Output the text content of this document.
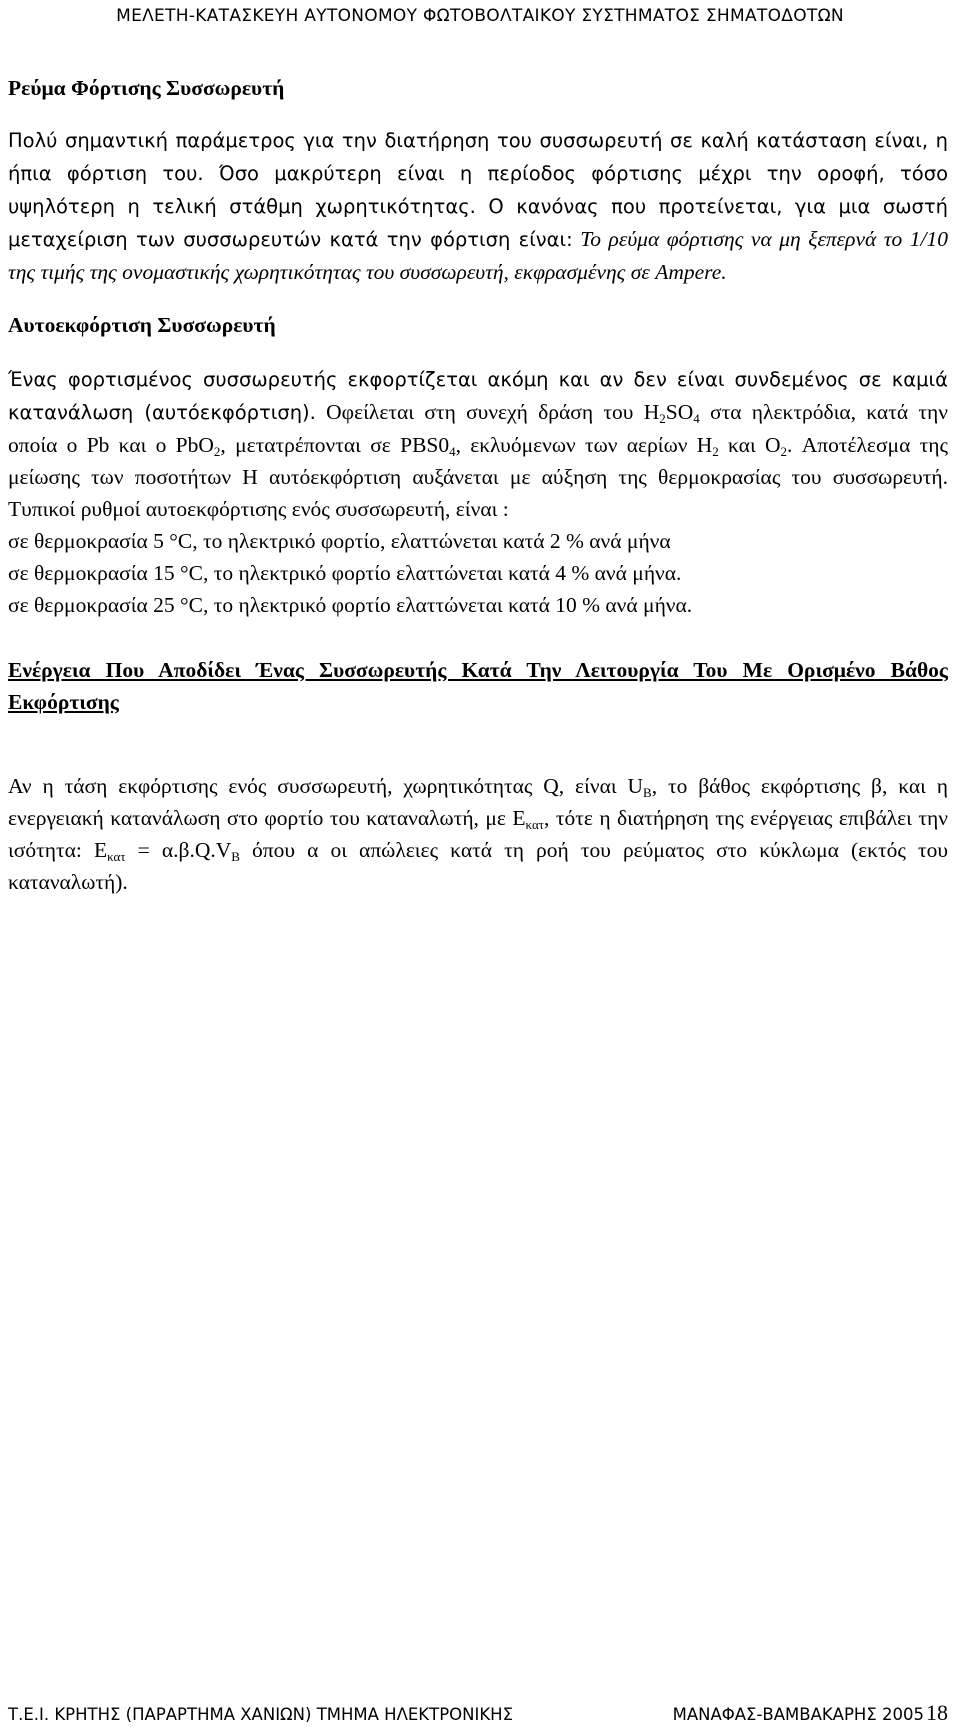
ΜΕΛΕΤΗ-ΚΑΤΑΣΚΕΥΗ ΑΥΤΟΝΟΜΟΥ ΦΩΤΟΒΟΛΤΑΙΚΟΥ ΣΥΣΤΗΜΑΤΟΣ ΣΗΜΑΤΟΔΟΤΩΝ

Ρεύμα Φόρτισης Συσσωρευτή

Πολύ σημαντική παράμετρος για την διατήρηση του συσσωρευτή σε καλή κατάσταση είναι, η ήπια φόρτιση του. Όσο μακρύτερη είναι η περίοδος φόρτισης μέχρι την οροφή, τόσο υψηλότερη η τελική στάθμη χωρητικότητας. Ο κανόνας που προτείνεται, για μια σωστή μεταχείριση των συσσωρευτών κατά την φόρτιση είναι: Το ρεύμα φόρτισης να μη ξεπερνά το 1/10 της τιμής της ονομαστικής χωρητικότητας του συσσωρευτή, εκφρασμένης σε Ampere.

Αυτοεκφόρτιση Συσσωρευτή

Ένας φορτισμένος συσσωρευτής εκφορτίζεται ακόμη και αν δεν είναι συνδεμένος σε καμιά κατανάλωση (αυτόεκφόρτιση). Οφείλεται στη συνεχή δράση του $H_2SO_4$ στα ηλεκτρόδια, κατά την οποία ο Pb και ο PbO$_2$, μετατρέπονται σε $PBS0_4$, εκλυόμενων των αερίων $H_2$ και $O_2$. Αποτέλεσμα της μείωσης των ποσοτήτων Η αυτόεκφόρτιση αυξάνεται με αύξηση της θερμοκρασίας του συσσωρευτή. Τυπικοί ρυθμοί αυτοεκφόρτισης ενός συσσωρευτή, είναι :

σε θερμοκρασία 5 °C, το ηλεκτρικό φορτίο, ελαττώνεται κατά 2 % ανά μήνα

σε θερμοκρασία 15 °C, το ηλεκτρικό φορτίο ελαττώνεται κατά 4 % ανά μήνα.

σε θερμοκρασία 25 °C, το ηλεκτρικό φορτίο ελαττώνεται κατά 10 % ανά μήνα.

Ενέργεια Που Αποδίδει Ένας Συσσωρευτής Κατά Την Λειτουργία Του Με Ορισμένο Βάθος Εκφόρτισης

Αν η τάση εκφόρτισης ενός συσσωρευτή, χωρητικότητας Q, είναι $U_B$, το βάθος εκφόρτισης β, και η ενεργειακή κατανάλωση στο φορτίο του καταναλωτή, με $E_{\kappa\alpha\tau}$, τότε η διατήρηση της ενέργειας επιβάλει την ισότητα: $E_{\kappa\alpha\tau} = \alpha.\beta.Q.V_B$ όπου α οι απώλειες κατά τη ροή του ρεύματος στο κύκλωμα (εκτός του καταναλωτή).

Τ.Ε.Ι. ΚΡΗΤΗΣ (ΠΑΡΑΡΤΗΜΑ ΧΑΝΙΩΝ) ΤΜΗΜΑ ΗΛΕΚΤΡΟΝΙΚΗΣ	ΜΑΝΑΦΑΣ-ΒΑΜΒΑΚΑΡΗΣ 200518
